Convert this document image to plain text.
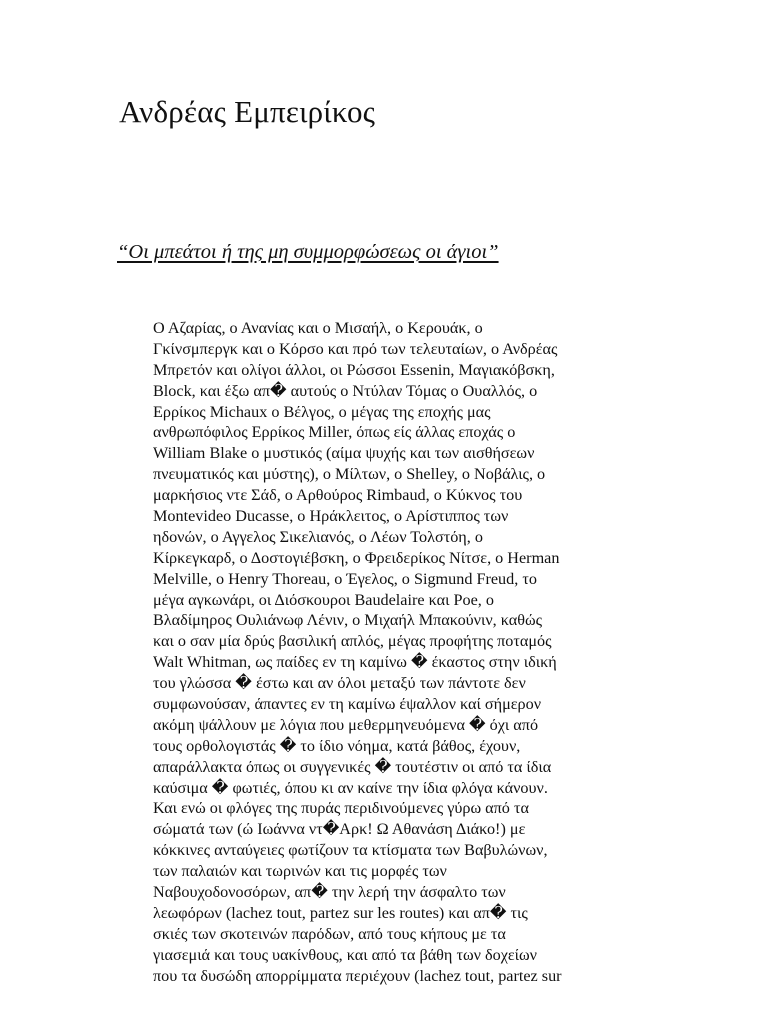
Ανδρέας Εμπειρίκος
“Οι μπεάτοι ή της μη συμμορφώσεως οι άγιοι”
Ο Αζαρίας, ο Ανανίας και ο Μισαήλ, ο Κερουάκ, ο
Γκίνσμπεργκ και ο Κόρσο και πρό των τελευταίων, ο Ανδρέας
Μπρετόν και ολίγοι άλλοι, οι Ρώσσοι Essenin, Μαγιακόβσκη,
Block, και έξω απ� αυτούς ο Ντύλαν Τόμας ο Ουαλλός, ο
Ερρίκος Michaux ο Βέλγος, ο μέγας της εποχής μας
ανθρωπόφιλος Ερρίκος Miller, όπως είς άλλας εποχάς ο
William Blake ο μυστικός (αίμα ψυχής και των αισθήσεων
πνευματικός και μύστης), ο Μίλτων, ο Shelley, ο Νοβάλις, ο
μαρκήσιος ντε Σάδ, ο Αρθούρος Rimbaud, ο Κύκνος του
Montevideo Ducasse, ο Ηράκλειτος, ο Αρίστιππος των
ηδονών, ο Αγγελος Σικελιανός, ο Λέων Τολστόη, ο
Κίρκεγκαρδ, ο Δοστογιέβσκη, ο Φρειδερίκος Νίτσε, ο Herman
Melville, ο Henry Thoreau, ο Έγελος, ο Sigmund Freud, το
μέγα αγκωνάρι, οι Διόσκουροι Baudelaire και Poe, ο
Βλαδίμηρος Ουλιάνωφ Λένιν, ο Μιχαήλ Μπακούνιν, καθώς
και ο σαν μία δρύς βασιλική απλός, μέγας προφήτης ποταμός
Walt Whitman, ως παίδες εν τη καμίνω � έκαστος στην ιδική
του γλώσσα � έστω και αν όλοι μεταξύ των πάντοτε δεν
συμφωνούσαν, άπαντες εν τη καμίνω έψαλλον καί σήμερον
ακόμη ψάλλουν με λόγια που μεθερμηνευόμενα � όχι από
τους ορθολογιστάς � το ίδιο νόημα, κατά βάθος, έχουν,
απαράλλακτα όπως οι συγγενικές � τουτέστιν οι από τα ίδια
καύσιμα � φωτιές, όπου κι αν καίνε την ίδια φλόγα κάνουν.
Και ενώ οι φλόγες της πυράς περιδινούμενες γύρω από τα
σώματά των (ώ Ιωάννα ντ�Αρκ! Ω Αθανάση Διάκο!) με
κόκκινες ανταύγειες φωτίζουν τα κτίσματα των Βαβυλώνων,
των παλαιών και τωρινών και τις μορφές των
Ναβουχοδονοσόρων, απ� την λερή την άσφαλτο των
λεωφόρων (lachez tout, partez sur les routes) και απ� τις
σκιές των σκοτεινών παρόδων, από τους κήπους με τα
γιασεμιά και τους υακίνθους, και από τα βάθη των δοχείων
που τα δυσώδη απορρίμματα περιέχουν (lachez tout, partez sur
